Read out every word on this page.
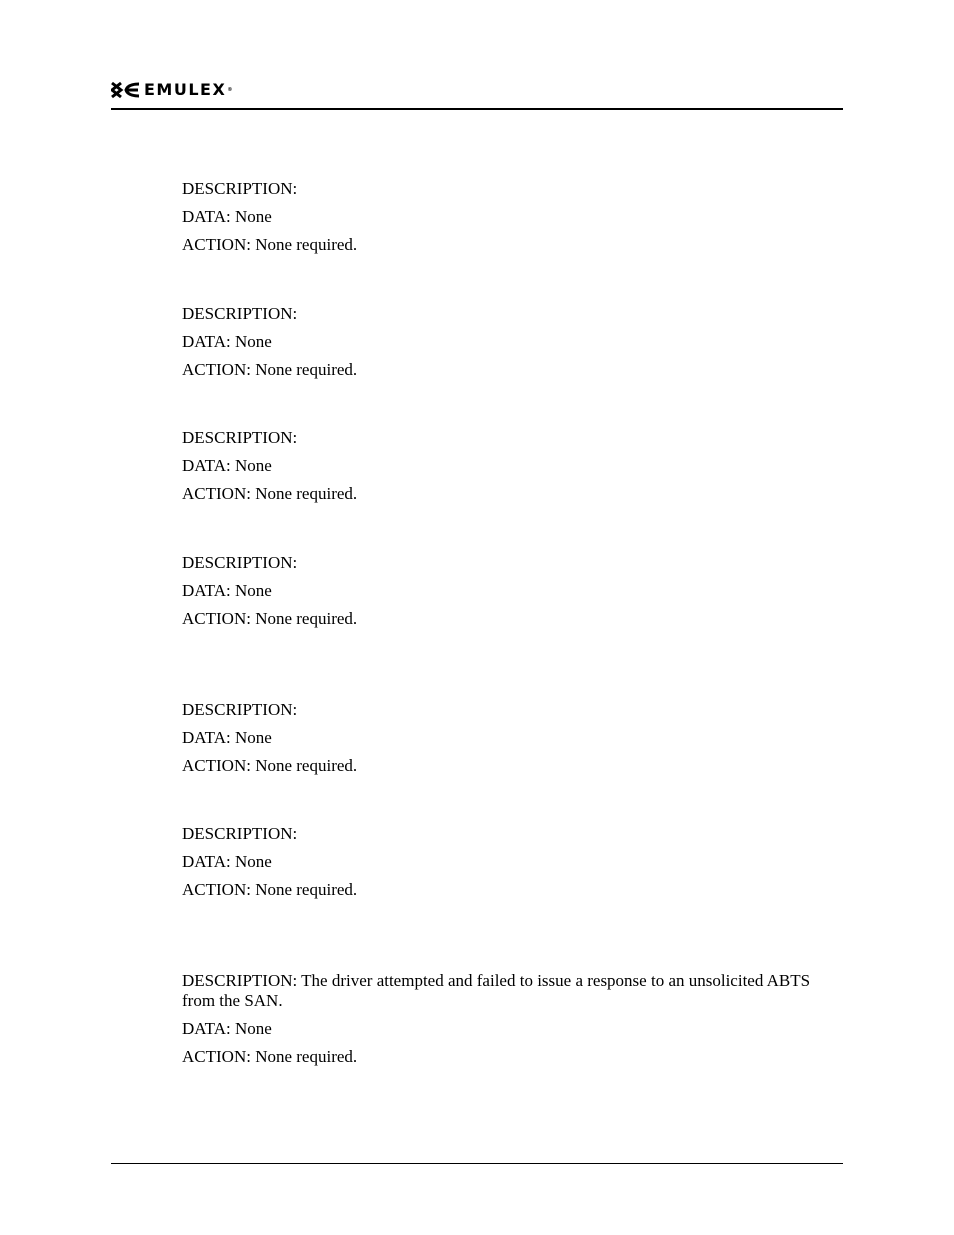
EMULEX®
DESCRIPTION:
DATA: None
ACTION: None required.
DESCRIPTION:
DATA: None
ACTION: None required.
DESCRIPTION:
DATA: None
ACTION: None required.
DESCRIPTION:
DATA: None
ACTION: None required.
DESCRIPTION:
DATA: None
ACTION: None required.
DESCRIPTION:
DATA: None
ACTION: None required.
DESCRIPTION: The driver attempted and failed to issue a response to an unsolicited ABTS from the SAN.
DATA: None
ACTION: None required.
